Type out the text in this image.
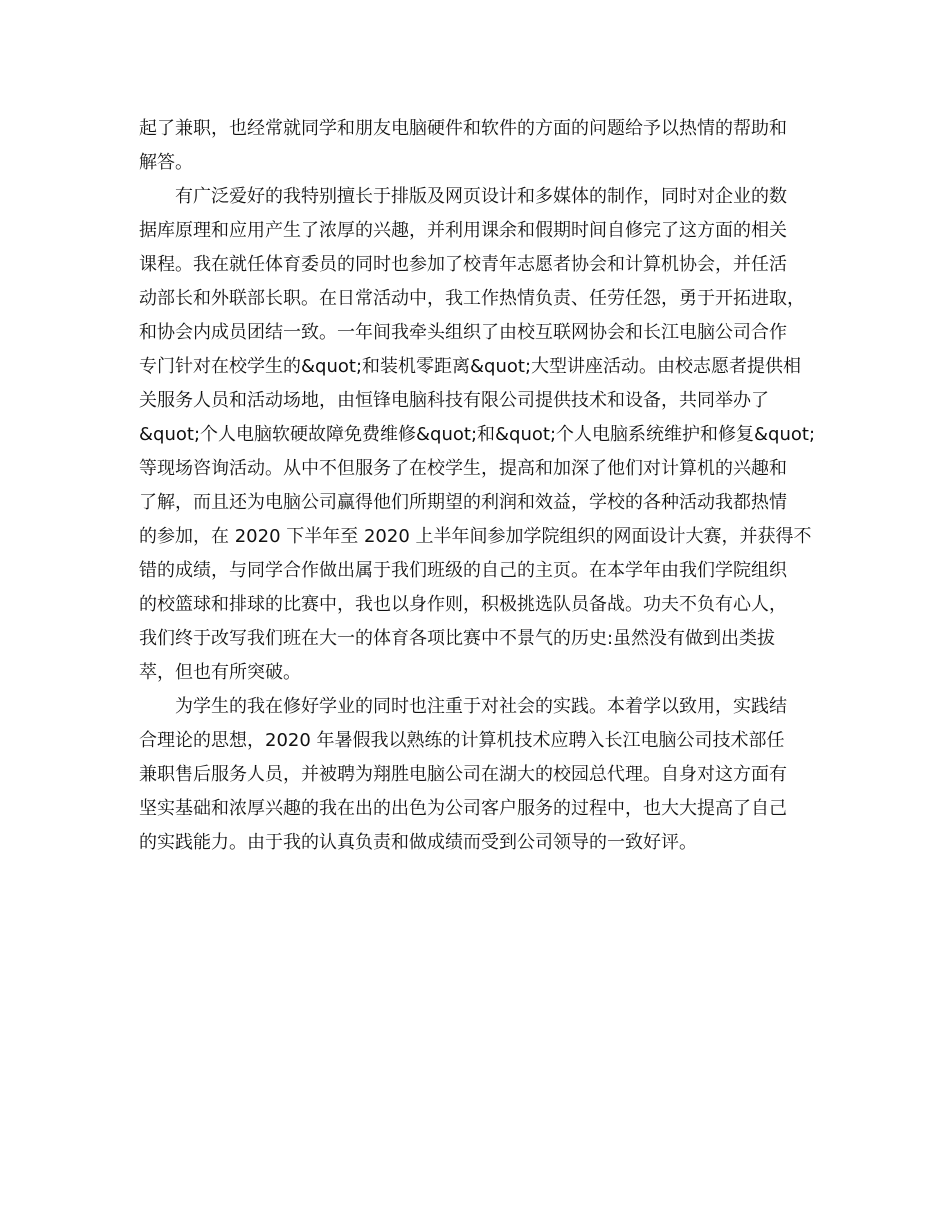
起了兼职，也经常就同学和朋友电脑硬件和软件的方面的问题给予以热情的帮助和
解答。
有广泛爱好的我特别擅长于排版及网页设计和多媒体的制作，同时对企业的数
据库原理和应用产生了浓厚的兴趣，并利用课余和假期时间自修完了这方面的相关
课程。我在就任体育委员的同时也参加了校青年志愿者协会和计算机协会，并任活
动部长和外联部长职。在日常活动中，我工作热情负责、任劳任怨，勇于开拓进取，
和协会内成员团结一致。一年间我牵头组织了由校互联网协会和长江电脑公司合作
专门针对在校学生的&quot;和装机零距离&quot;大型讲座活动。由校志愿者提供相
关服务人员和活动场地，由恒锋电脑科技有限公司提供技术和设备，共同举办了
&quot;个人电脑软硬故障免费维修&quot;和&quot;个人电脑系统维护和修复&quot;
等现场咨询活动。从中不但服务了在校学生，提高和加深了他们对计算机的兴趣和
了解，而且还为电脑公司赢得他们所期望的利润和效益，学校的各种活动我都热情
的参加，在 2020 下半年至 2020 上半年间参加学院组织的网面设计大赛，并获得不
错的成绩，与同学合作做出属于我们班级的自己的主页。在本学年由我们学院组织
的校篮球和排球的比赛中，我也以身作则，积极挑选队员备战。功夫不负有心人，
我们终于改写我们班在大一的体育各项比赛中不景气的历史:虽然没有做到出类拔
萃，但也有所突破。
为学生的我在修好学业的同时也注重于对社会的实践。本着学以致用，实践结
合理论的思想，2020 年暑假我以熟练的计算机技术应聘入长江电脑公司技术部任
兼职售后服务人员，并被聘为翔胜电脑公司在湖大的校园总代理。自身对这方面有
坚实基础和浓厚兴趣的我在出的出色为公司客户服务的过程中，也大大提高了自己
的实践能力。由于我的认真负责和做成绩而受到公司领导的一致好评。
